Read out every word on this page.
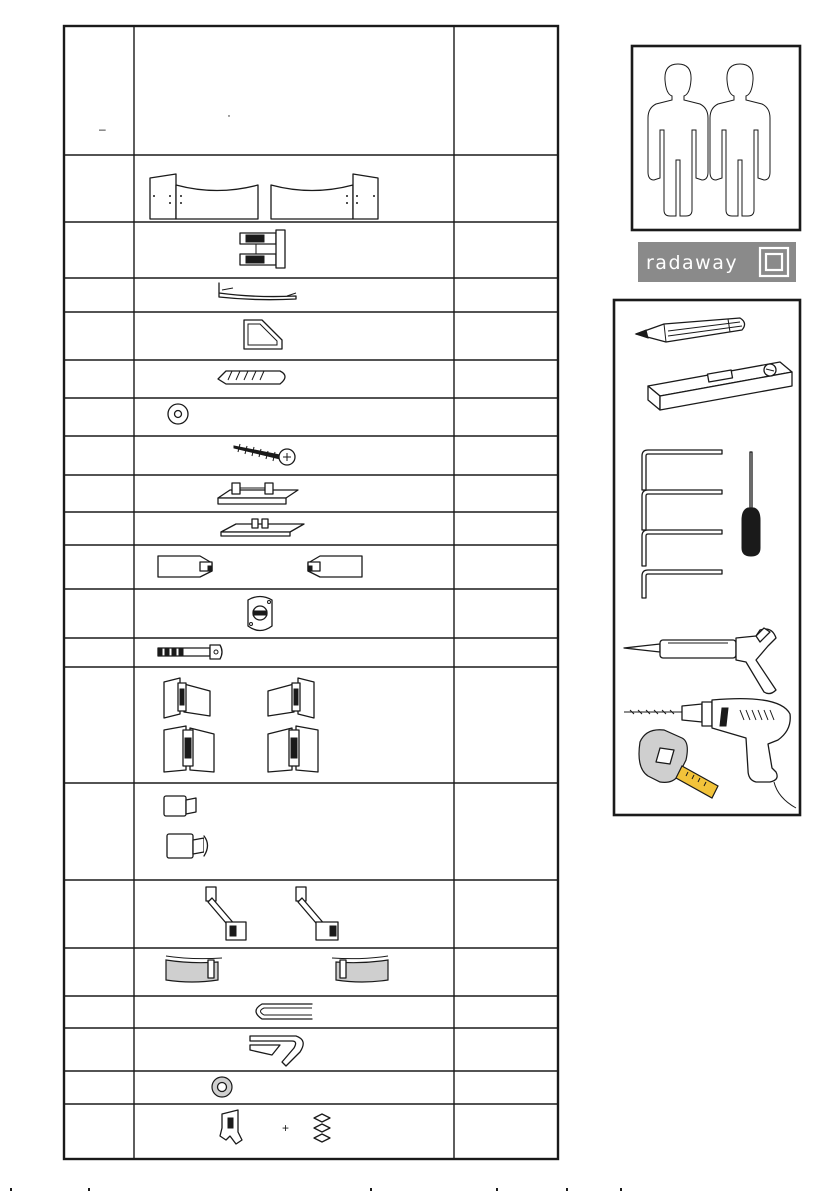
–
+
radaway
